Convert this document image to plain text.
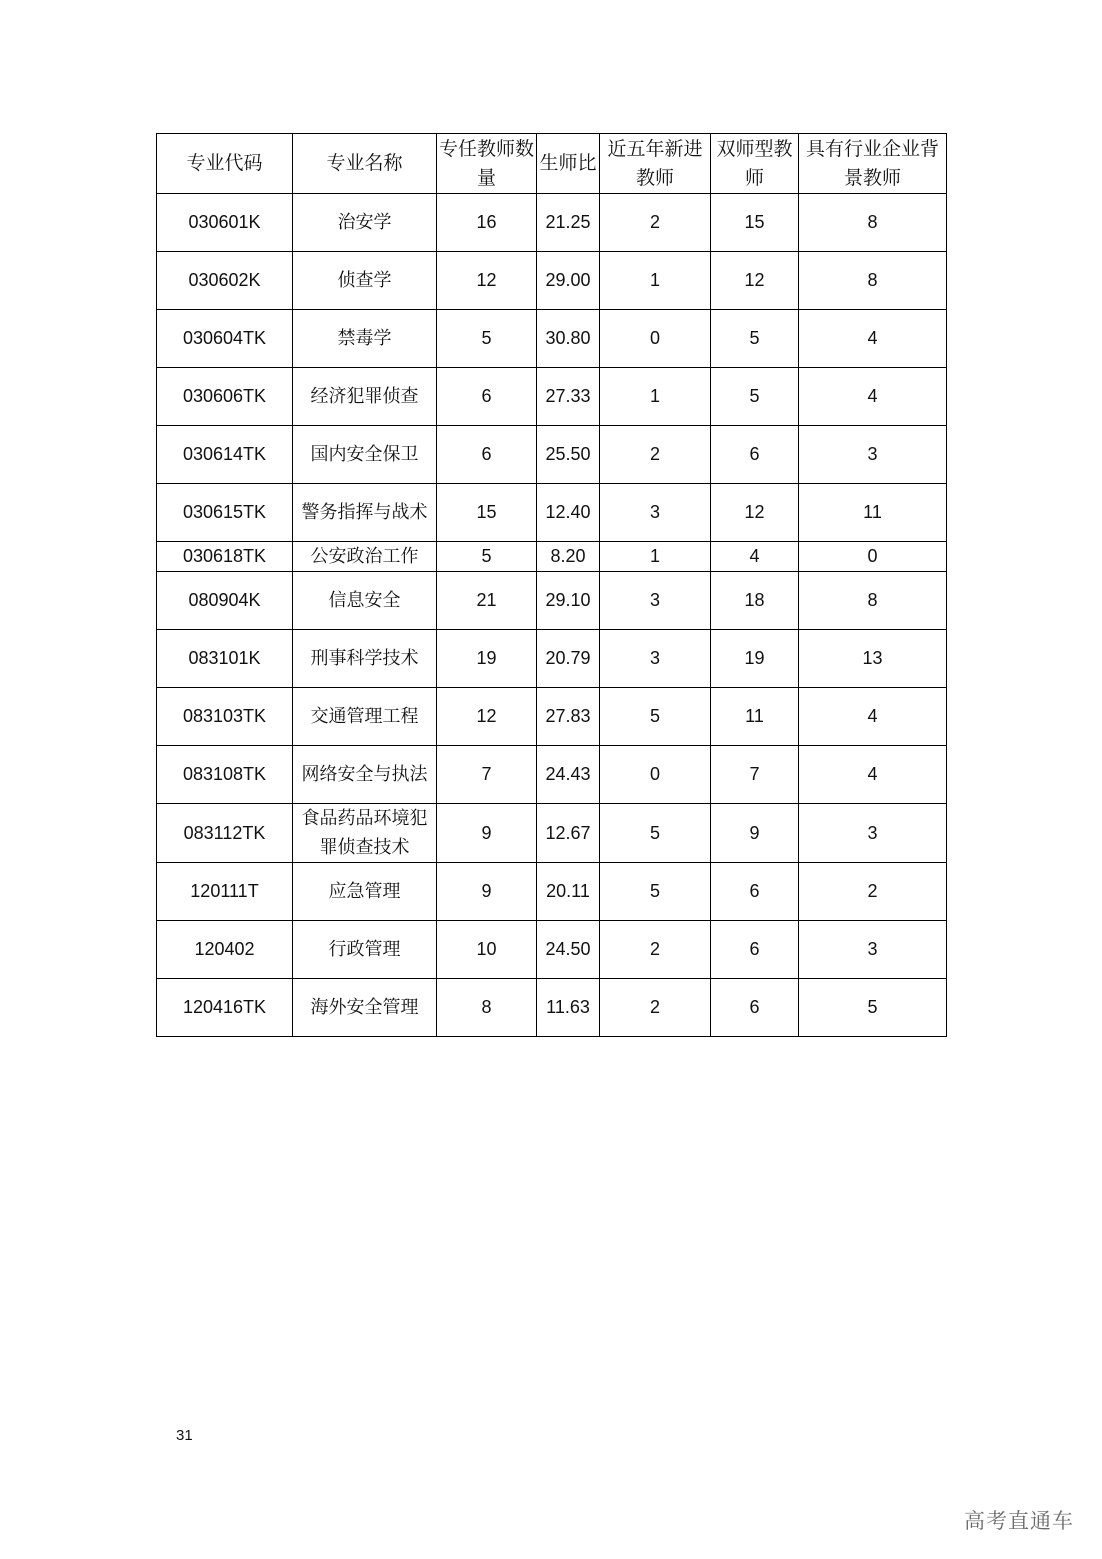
专业代码	专业名称	专任教师数量	生师比	近五年新进教师	双师型教师	具有行业企业背景教师
030601K	治安学	16	21.25	2	15	8
030602K	侦查学	12	29.00	1	12	8
030604TK	禁毒学	5	30.80	0	5	4
030606TK	经济犯罪侦查	6	27.33	1	5	4
030614TK	国内安全保卫	6	25.50	2	6	3
030615TK	警务指挥与战术	15	12.40	3	12	11
030618TK	公安政治工作	5	8.20	1	4	0
080904K	信息安全	21	29.10	3	18	8
083101K	刑事科学技术	19	20.79	3	19	13
083103TK	交通管理工程	12	27.83	5	11	4
083108TK	网络安全与执法	7	24.43	0	7	4
083112TK	食品药品环境犯罪侦查技术	9	12.67	5	9	3
120111T	应急管理	9	20.11	5	6	2
120402	行政管理	10	24.50	2	6	3
120416TK	海外安全管理	8	11.63	2	6	5
31
高考直通车
